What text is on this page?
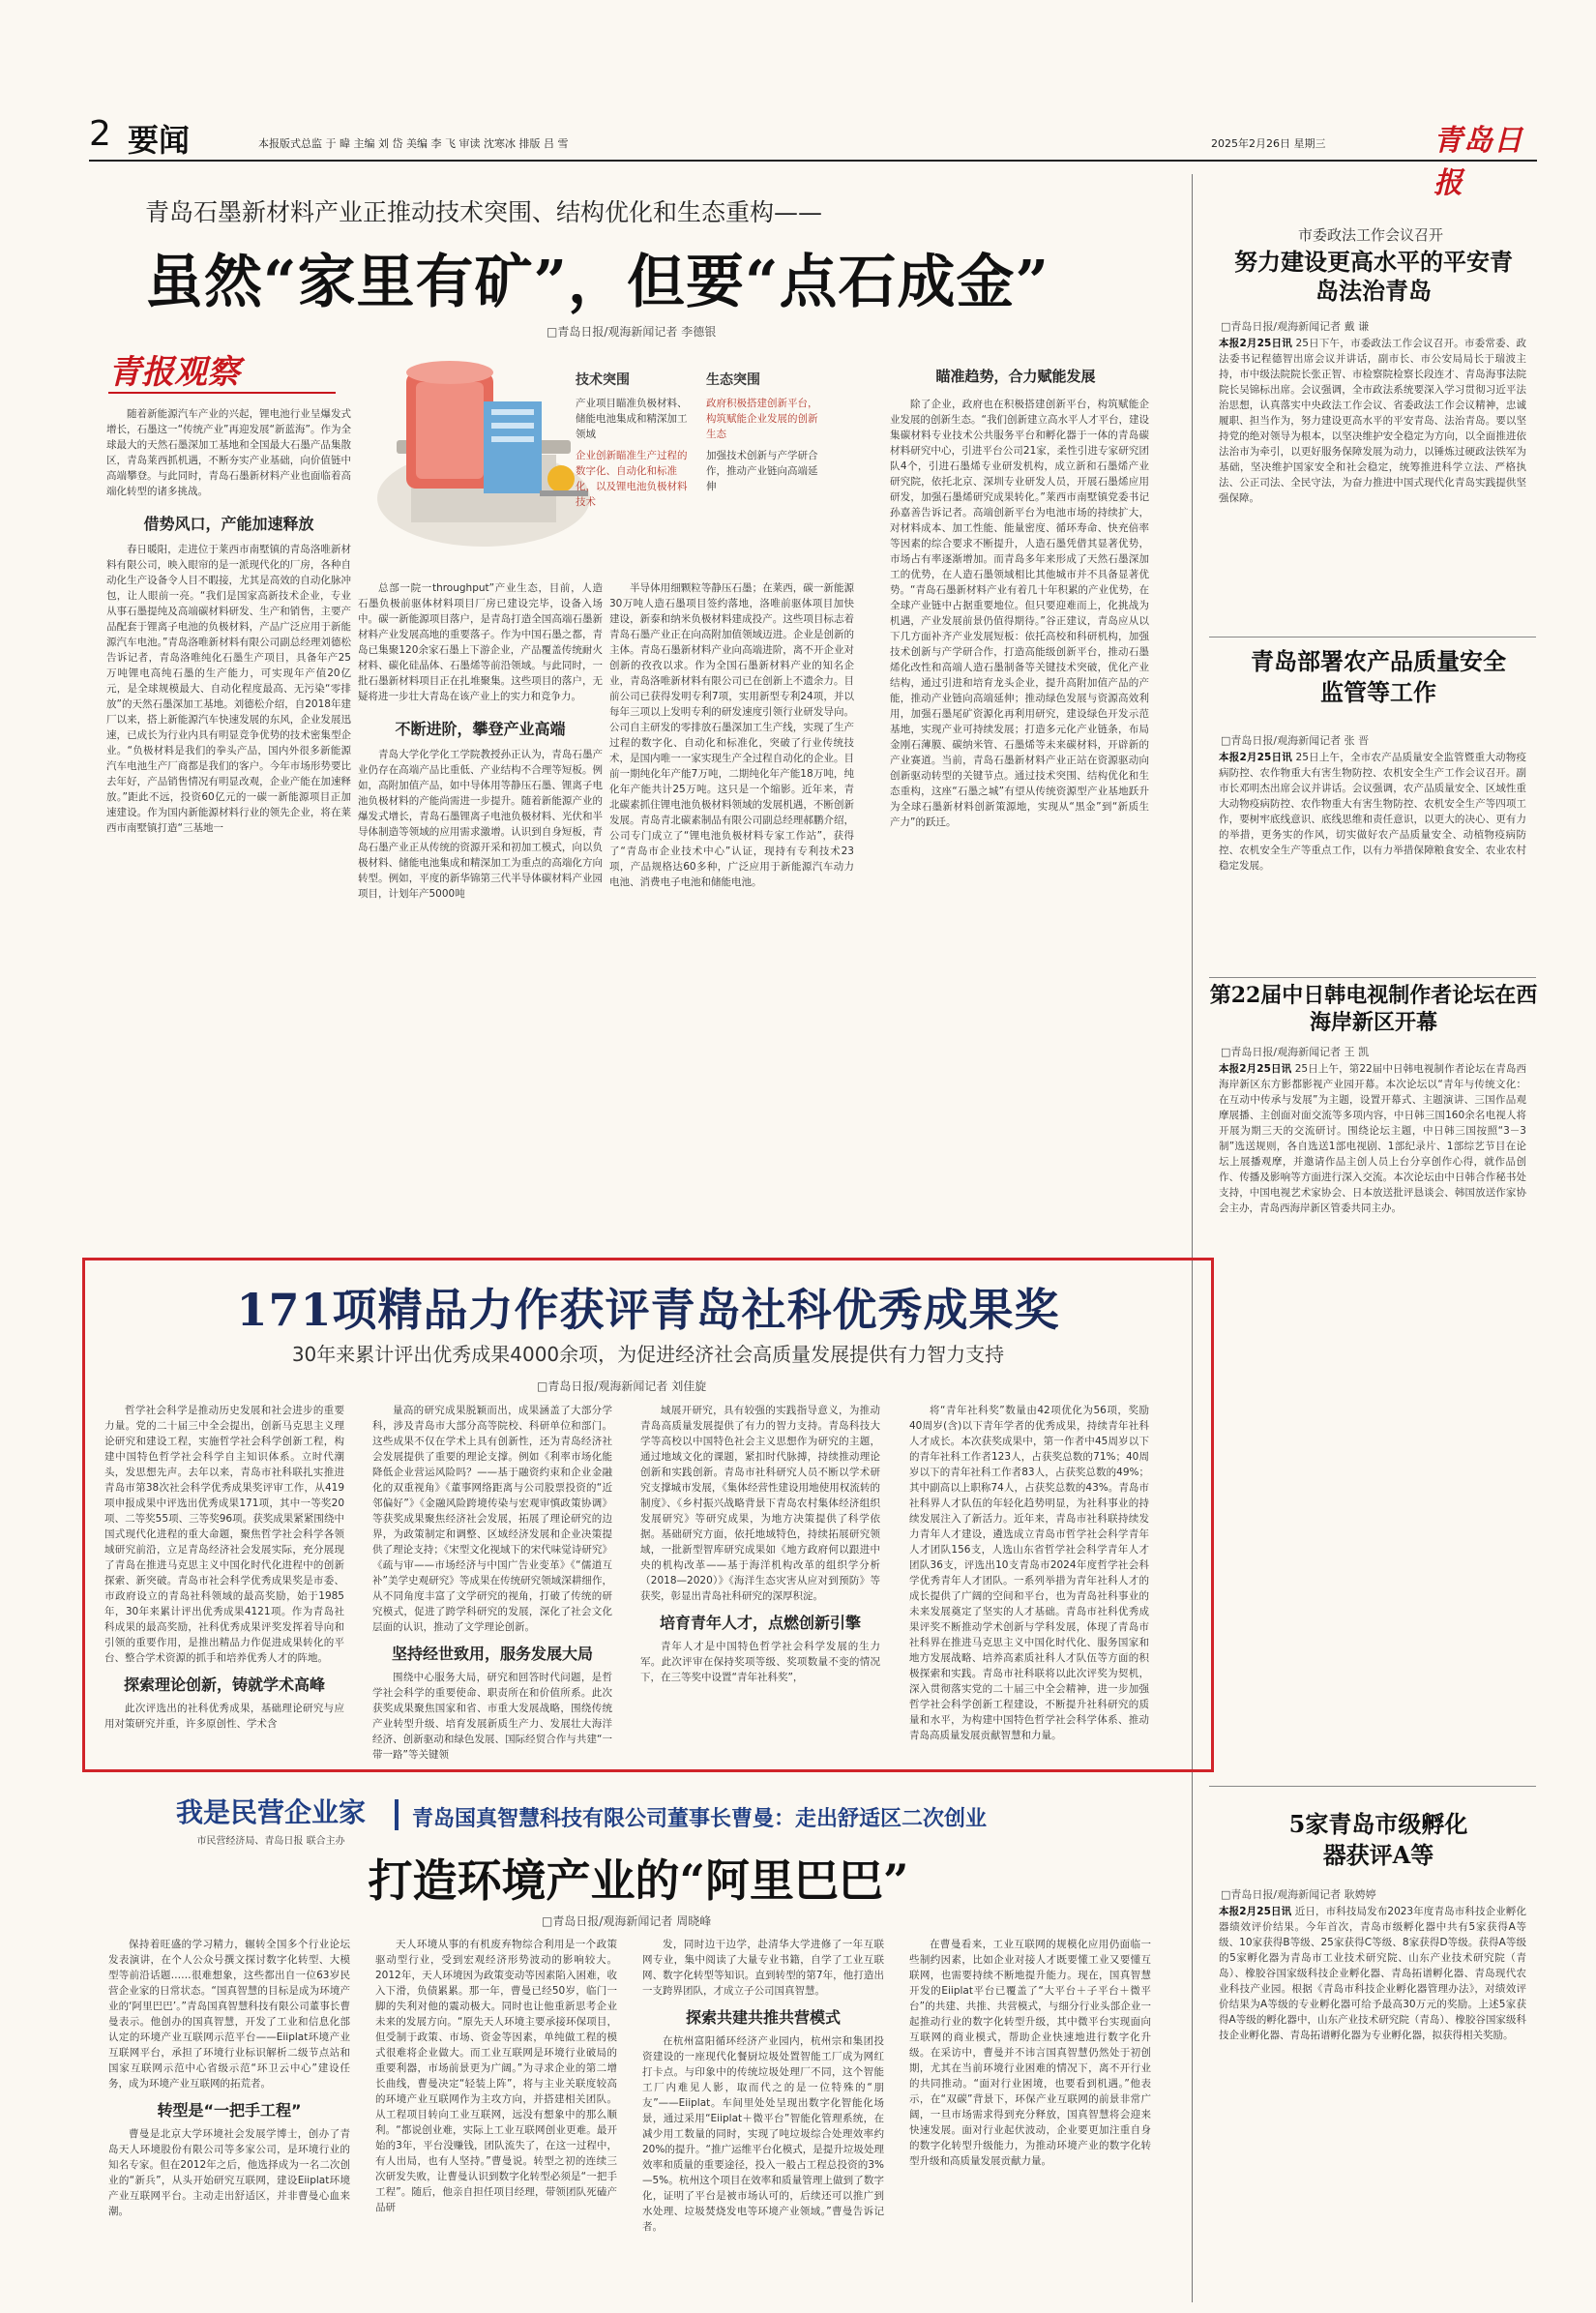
2 要闻	本报版式总监 于 暐 主编 刘 岱 美编 李 飞 审读 沈寒冰 排版 吕 雪	2025年2月26日 星期三	青岛日报
青岛石墨新材料产业正推动技术突围、结构优化和生态重构——
虽然“家里有矿”，但要“点石成金”
□青岛日报/观海新闻记者 李德银
青报观察	技术突围
产业项目瞄准负极材料、储能电池集成和精深加工领域
企业创新瞄准生产过程的数字化、自动化和标准化，以及锂电池负极材料技术
生态突围
政府积极搭建创新平台，构筑赋能企业发展的创新生态
加强技术创新与产学研合作，推动产业链向高端延伸

随着新能源汽车产业的兴起，锂电池行业呈爆发式增长，石墨这一“传统产业”再迎发展“新蓝海”。作为全球最大的天然石墨深加工基地和全国最大石墨产品集散区，青岛莱西抓机遇，不断夯实产业基础，向价值链中高端攀登。与此同时，青岛石墨新材料产业也面临着高端化转型的诸多挑战。

借势风口，产能加速释放

春日暖阳，走进位于莱西市南墅镇的青岛洛唯新材料有限公司，映入眼帘的是一派现代化的厂房，各种自动化生产设备令人目不暇接，尤其是高效的自动化脉冲包，让人眼前一亮。“我们是国家高新技术企业，专业从事石墨提纯及高端碳材料研发、生产和销售，主要产品配套于锂离子电池的负极材料，产品广泛应用于新能源汽车电池。”青岛洛唯新材料有限公司副总经理刘德松告诉记者，青岛洛唯纯化石墨生产项目，具备年产25万吨锂电高纯石墨的生产能力，可实现年产值20亿元，是全球规模最大、自动化程度最高、无污染“零排放”的天然石墨深加工基地。刘德松介绍，自2018年建厂以来，搭上新能源汽车快速发展的东风，企业发展迅速，已成长为行业内具有明显竞争优势的技术密集型企业。“负极材料是我们的拳头产品，国内外很多新能源汽车电池生产厂商都是我们的客户。今年市场形势要比去年好，产品销售情况有明显改观，企业产能在加速释放。”距此不远，投资60亿元的一碳一新能源项目正加速建设。作为国内新能源材料行业的领先企业，将在莱西市南墅镇打造“三基地一

总部一院一throughput”产业生态，目前，人造石墨负极前驱体材料项目厂房已建设完毕，设备入场中。碳一新能源项目落户，是青岛打造全国高端石墨新材料产业发展高地的重要落子。作为中国石墨之都，青岛已集聚120余家石墨上下游企业，产品覆盖传统耐火材料、碳化硅晶体、石墨烯等前沿领域。与此同时，一批石墨新材料项目正在扎堆聚集。这些项目的落户，无疑将进一步壮大青岛在该产业上的实力和竞争力。

不断进阶，攀登产业高端

青岛大学化学化工学院教授孙正认为，青岛石墨产业仍存在高端产品比重低、产业结构不合理等短板。例如，高附加值产品，如中导体用等静压石墨、锂离子电池负极材料的产能尚需进一步提升。随着新能源产业的爆发式增长，青岛石墨锂离子电池负极材料、光伏和半导体制造等领域的应用需求激增。认识到自身短板，青岛石墨产业正从传统的资源开采和初加工模式，向以负极材料、储能电池集成和精深加工为重点的高端化方向转型。例如，平度的新华锦第三代半导体碳材料产业园项目，计划年产5000吨

半导体用细颗粒等静压石墨；在莱西，碳一新能源30万吨人造石墨项目签约落地，洛唯前驱体项目加快建设，新泰和纳米负极材料建成投产。这些项目标志着青岛石墨产业正在向高附加值领域迈进。企业是创新的主体。青岛石墨新材料产业向高端进阶，离不开企业对创新的孜孜以求。作为全国石墨新材料产业的知名企业，青岛洛唯新材料有限公司已在创新上不遗余力。目前公司已获得发明专利7项，实用新型专利24项，并以每年三项以上发明专利的研发速度引领行业研发导向。公司自主研发的零排放石墨深加工生产线，实现了生产过程的数字化、自动化和标准化，突破了行业传统技术，是国内唯一一家实现生产全过程自动化的企业。目前一期纯化年产能7万吨，二期纯化年产能18万吨，纯化年产能共计25万吨。这只是一个缩影。近年来，青北碳素抓住锂电池负极材料领域的发展机遇，不断创新发展。青岛青北碳素制品有限公司副总经理郝鹏介绍，公司专门成立了“锂电池负极材料专家工作站”，获得了“青岛市企业技术中心”认证，现持有专利技术23项，产品规格达60多种，广泛应用于新能源汽车动力电池、消费电子电池和储能电池。

瞄准趋势，合力赋能发展

除了企业，政府也在积极搭建创新平台，构筑赋能企业发展的创新生态。“我们创新建立高水平人才平台，建设集碳材料专业技术公共服务平台和孵化器于一体的青岛碳材料研究中心，引进平台公司21家，柔性引进专家研究团队4个，引进石墨烯专业研发机构，成立新和石墨烯产业研究院，依托北京、深圳专业研发人员，开展石墨烯应用研发，加强石墨烯研究成果转化。”莱西市南墅镇党委书记孙嘉善告诉记者。高端创新平台为电池市场的持续扩大，对材料成本、加工性能、能量密度、循环寿命、快充倍率等因素的综合要求不断提升，人造石墨凭借其显著优势，市场占有率逐渐增加。而青岛多年来形成了天然石墨深加工的优势，在人造石墨领域相比其他城市并不具备显著优势。“青岛石墨新材料产业有着几十年积累的产业优势，在全球产业链中占据重要地位。但只要迎难而上，化挑战为机遇，产业发展前景仍值得期待。”谷正建议，青岛应从以下几方面补齐产业发展短板：依托高校和科研机构，加强技术创新与产学研合作，打造高能级创新平台，推动石墨烯化改性和高端人造石墨制备等关键技术突破，优化产业结构，通过引进和培育龙头企业，提升高附加值产品的产能，推动产业链向高端延伸；推动绿色发展与资源高效利用，加强石墨尾矿资源化再利用研究，建设绿色开发示范基地，实现产业可持续发展；打造多元化产业链条，布局金刚石薄膜、碳纳米管、石墨烯等未来碳材料，开辟新的产业赛道。当前，青岛石墨新材料产业正站在资源驱动向创新驱动转型的关键节点。通过技术突围、结构优化和生态重构，这座“石墨之城”有望从传统资源型产业基地跃升为全球石墨新材料创新策源地，实现从“黑金”到“新质生产力”的跃迁。

171项精品力作获评青岛社科优秀成果奖
30年来累计评出优秀成果4000余项，为促进经济社会高质量发展提供有力智力支持
□青岛日报/观海新闻记者 刘佳旋

哲学社会科学是推动历史发展和社会进步的重要力量。党的二十届三中全会提出，创新马克思主义理论研究和建设工程，实施哲学社会科学创新工程，构建中国特色哲学社会科学自主知识体系。立时代潮头，发思想先声。去年以来，青岛市社科联扎实推进青岛市第38次社会科学优秀成果奖评审工作，从419项申报成果中评选出优秀成果171项，其中一等奖20项、二等奖55项、三等奖96项。获奖成果紧紧围绕中国式现代化进程的重大命题，聚焦哲学社会科学各领域研究前沿，立足青岛经济社会发展实际，充分展现了青岛在推进马克思主义中国化时代化进程中的创新探索、新突破。青岛市社会科学优秀成果奖是市委、市政府设立的青岛社科领域的最高奖励，始于1985年，30年来累计评出优秀成果4121项。作为青岛社科成果的最高奖励，社科优秀成果评奖发挥着导向和引领的重要作用，是推出精品力作促进成果转化的平台、整合学术资源的抓手和培养优秀人才的阵地。

探索理论创新，铸就学术高峰

此次评选出的社科优秀成果，基础理论研究与应用对策研究并重，许多原创性、学术含

量高的研究成果脱颖而出，成果涵盖了大部分学科，涉及青岛市大部分高等院校、科研单位和部门。这些成果不仅在学术上具有创新性，还为青岛经济社会发展提供了重要的理论支撑。例如《利率市场化能降低企业营运风险吗？——基于融资约束和企业金融化的双重视角》《董事网络距离与公司股票投资的“近邻偏好”》《金融风险跨境传染与宏观审慎政策协调》等获奖成果聚焦经济社会发展，拓展了理论研究的边界，为政策制定和调整、区域经济发展和企业决策提供了理论支持；《宋型文化视域下的宋代味觉诗研究》《疏与审——市场经济与中国广告业变革》《“儒道互补”美学史观研究》等成果在传统研究领域深耕细作，从不同角度丰富了文学研究的视角，打破了传统的研究模式，促进了跨学科研究的发展，深化了社会文化层面的认识，推动了文学理论创新。

坚持经世致用，服务发展大局

围绕中心服务大局，研究和回答时代问题，是哲学社会科学的重要使命、职责所在和价值所系。此次获奖成果聚焦国家和省、市重大发展战略，围绕传统产业转型升级、培育发展新质生产力、发展壮大海洋经济、创新驱动和绿色发展、国际经贸合作与共建“一带一路”等关键领

域展开研究，具有较强的实践指导意义，为推动青岛高质量发展提供了有力的智力支持。青岛科技大学等高校以中国特色社会主义思想作为研究的主题，通过地域文化的课题，紧扣时代脉搏，持续推动理论创新和实践创新。青岛市社科研究人员不断以学术研究支撑城市发展，《集体经营性建设用地使用权流转的制度》、《乡村振兴战略背景下青岛农村集体经济组织发展研究》等研究成果，为地方决策提供了科学依据。基础研究方面，依托地域特色，持续拓展研究领域，一批新型智库研究成果如《地方政府何以跟进中央的机构改革——基于海洋机构改革的组织学分析（2018—2020）》《海洋生态灾害从应对到预防》等获奖，彰显出青岛社科研究的深厚积淀。

培育青年人才，点燃创新引擎

青年人才是中国特色哲学社会科学发展的生力军。此次评审在保持奖项等级、奖项数量不变的情况下，在三等奖中设置“青年社科奖”，

将“青年社科奖”数量由42项优化为56项，奖励40周岁(含)以下青年学者的优秀成果，持续青年社科人才成长。本次获奖成果中，第一作者中45周岁以下的青年社科工作者123人，占获奖总数的71%；40周岁以下的青年社科工作者83人，占获奖总数的49%；其中副高以上职称74人，占获奖总数的43%。青岛市社科界人才队伍的年轻化趋势明显，为社科事业的持续发展注入了新活力。近年来，青岛市社科联持续发力青年人才建设，遴选成立青岛市哲学社会科学青年人才团队156支，人选山东省哲学社会科学青年人才团队36支，评选出10支青岛市2024年度哲学社会科学优秀青年人才团队。一系列举措为青年社科人才的成长提供了广阔的空间和平台，也为青岛社科事业的未来发展奠定了坚实的人才基础。青岛市社科优秀成果评奖不断推动学术创新与学科发展，体现了青岛市社科界在推进马克思主义中国化时代化、服务国家和地方发展战略、培养高素质社科人才队伍等方面的积极探索和实践。青岛市社科联将以此次评奖为契机，深入贯彻落实党的二十届三中全会精神，进一步加强哲学社会科学创新工程建设，不断提升社科研究的质量和水平，为构建中国特色哲学社会科学体系、推动青岛高质量发展贡献智慧和力量。

市委政法工作会议召开
努力建设更高水平的平安青岛法治青岛
□青岛日报/观海新闻记者 戴 谦
本报2月25日讯 25日下午，市委政法工作会议召开。市委常委、政法委书记程德智出席会议并讲话，副市长、市公安局局长于瑞波主持，市中级法院院长张正智、市检察院检察长段连才、青岛海事法院院长吴锦标出席。会议强调，全市政法系统要深入学习贯彻习近平法治思想，认真落实中央政法工作会议、省委政法工作会议精神，忠诚履职、担当作为，努力建设更高水平的平安青岛、法治青岛。要以坚持党的绝对领导为根本，以坚决维护安全稳定为方向，以全面推进依法治市为牵引，以更好服务保障发展为动力，以锤炼过硬政法铁军为基础，坚决维护国家安全和社会稳定，统筹推进科学立法、严格执法、公正司法、全民守法，为奋力推进中国式现代化青岛实践提供坚强保障。
青岛部署农产品质量安全监管等工作
□青岛日报/观海新闻记者 张 晋
本报2月25日讯 25日上午，全市农产品质量安全监管暨重大动物疫病防控、农作物重大有害生物防控、农机安全生产工作会议召开。副市长邓明杰出席会议并讲话。会议强调，农产品质量安全、区域性重大动物疫病防控、农作物重大有害生物防控、农机安全生产等四项工作，要树牢底线意识、底线思维和责任意识，以更大的决心、更有力的举措，更务实的作风，切实做好农产品质量安全、动植物疫病防控、农机安全生产等重点工作，以有力举措保障粮食安全、农业农村稳定发展。
第22届中日韩电视制作者论坛在西海岸新区开幕
□青岛日报/观海新闻记者 王 凯
本报2月25日讯 25日上午，第22届中日韩电视制作者论坛在青岛西海岸新区东方影都影视产业园开幕。本次论坛以“青年与传统文化：在互动中传承与发展”为主题，设置开幕式、主题演讲、三国作品观摩展播、主创面对面交流等多项内容，中日韩三国160余名电视人将开展为期三天的交流研讨。围绕论坛主题，中日韩三国按照“3－3制”选送规则，各自选送1部电视剧、1部纪录片、1部综艺节目在论坛上展播观摩，并邀请作品主创人员上台分享创作心得，就作品创作、传播及影响等方面进行深入交流。本次论坛由中日韩合作秘书处支持，中国电视艺术家协会、日本放送批评恳谈会、韩国放送作家协会主办，青岛西海岸新区管委共同主办。
5家青岛市级孵化器获评A等
□青岛日报/观海新闻记者 耿娉婷
本报2月25日讯 近日，市科技局发布2023年度青岛市科技企业孵化器绩效评价结果。今年首次，青岛市级孵化器中共有5家获得A等级、10家获得B等级、25家获得C等级、8家获得D等级。获得A等级的5家孵化器为青岛市工业技术研究院、山东产业技术研究院（青岛）、橡胶谷国家级科技企业孵化器、青岛拓谱孵化器、青岛现代农业科技产业园。根据《青岛市科技企业孵化器管理办法》，对绩效评价结果为A等级的专业孵化器可给予最高30万元的奖励。上述5家获得A等级的孵化器中，山东产业技术研究院（青岛）、橡胶谷国家级科技企业孵化器、青岛拓谱孵化器为专业孵化器，拟获得相关奖励。
我是民营企业家
市民营经济局、青岛日报 联合主办
青岛国真智慧科技有限公司董事长曹曼：走出舒适区二次创业
打造环境产业的“阿里巴巴”
□青岛日报/观海新闻记者 周晓峰

保持着旺盛的学习精力，辗转全国多个行业论坛发表演讲，在个人公众号撰文探讨数字化转型、大模型等前沿话题……很难想象，这些都出自一位63岁民营企业家的日常状态。“国真智慧的目标是成为环境产业的‘阿里巴巴’。”青岛国真智慧科技有限公司董事长曹曼表示。他创办的国真智慧，开发了工业和信息化部认定的环境产业互联网示范平台——Eiiplat环境产业互联网平台，承担了环境行业标识解析二级节点站和国家互联网示范中心省级示范“环卫云中心”建设任务，成为环境产业互联网的拓荒者。

转型是“一把手工程”

曹曼是北京大学环境社会发展学博士，创办了青岛天人环境股份有限公司等多家公司，是环境行业的知名专家。但在2012年之后，他选择成为一名二次创业的“新兵”，从头开始研究互联网，建设Eiiplat环境产业互联网平台。主动走出舒适区，并非曹曼心血来潮。

天人环境从事的有机废弃物综合利用是一个政策驱动型行业，受到宏观经济形势波动的影响较大。2012年，天人环境因为政策变动等因素陷入困难，收入下滑，负债累累。那一年，曹曼已经50岁，临门一脚的失利对他的震动极大。同时也让他重新思考企业未来的发展方向。“原先天人环境主要承接环保项目，但受制于政策、市场、资金等因素，单纯做工程的模式很难将企业做大。而工业互联网是环境行业破局的重要利器，市场前景更为广阔。”为寻求企业的第二增长曲线，曹曼决定“轻装上阵”，将与主业关联度较高的环境产业互联网作为主攻方向，并搭建相关团队。从工程项目转向工业互联网，远没有想象中的那么顺利。“都说创业难，实际上工业互联网创业更难。最开始的3年，平台没赚钱，团队流失了，在这一过程中，有人出局，也有人坚持。”曹曼说。转型之初的连续三次研发失败，让曹曼认识到数字化转型必须是“一把手工程”。随后，他亲自担任项目经理，带领团队死磕产品研

发，同时边干边学，赴清华大学进修了一年互联网专业，集中阅读了大量专业书籍，自学了工业互联网、数字化转型等知识。直到转型的第7年，他打造出一支跨界团队，才成立子公司国真智慧。

探索共建共推共营模式

在杭州富阳循环经济产业园内，杭州宗和集团投资建设的一座现代化餐厨垃圾处置智能工厂成为网红打卡点。与印象中的传统垃圾处理厂不同，这个智能工厂内难见人影，取而代之的是一位特殊的“朋友”——Eiiplat。车间里处处呈现出数字化智能化场景，通过采用“Eiiplat＋微平台”智能化管理系统，在减少用工数量的同时，实现了吨垃圾综合处理效率约20%的提升。“推广运维平台化模式，是提升垃圾处理效率和质量的重要途径，投入一般占工程总投资的3%—5%。杭州这个项目在效率和质量管理上做到了数字化，证明了平台是被市场认可的，后续还可以推广到水处理、垃圾焚烧发电等环境产业领域。”曹曼告诉记者。

在曹曼看来，工业互联网的规模化应用仍面临一些制约因素，比如企业对接人才既要懂工业又要懂互联网，也需要持续不断地提升能力。现在，国真智慧开发的Eiiplat平台已覆盖了“大平台＋子平台＋微平台”的共建、共推、共营模式，与细分行业头部企业一起推动行业的数字化转型升级，其中微平台实现面向互联网的商业模式，帮助企业快速地进行数字化升级。在采访中，曹曼并不讳言国真智慧仍然处于初创期，尤其在当前环境行业困难的情况下，离不开行业的共同推动。“面对行业困境，也要看到机遇。”他表示，在“双碳”背景下，环保产业互联网的前景非常广阔，一旦市场需求得到充分释放，国真智慧将会迎来快速发展。面对行业起伏波动，企业要更加注重自身的数字化转型升级能力，为推动环境产业的数字化转型升级和高质量发展贡献力量。
